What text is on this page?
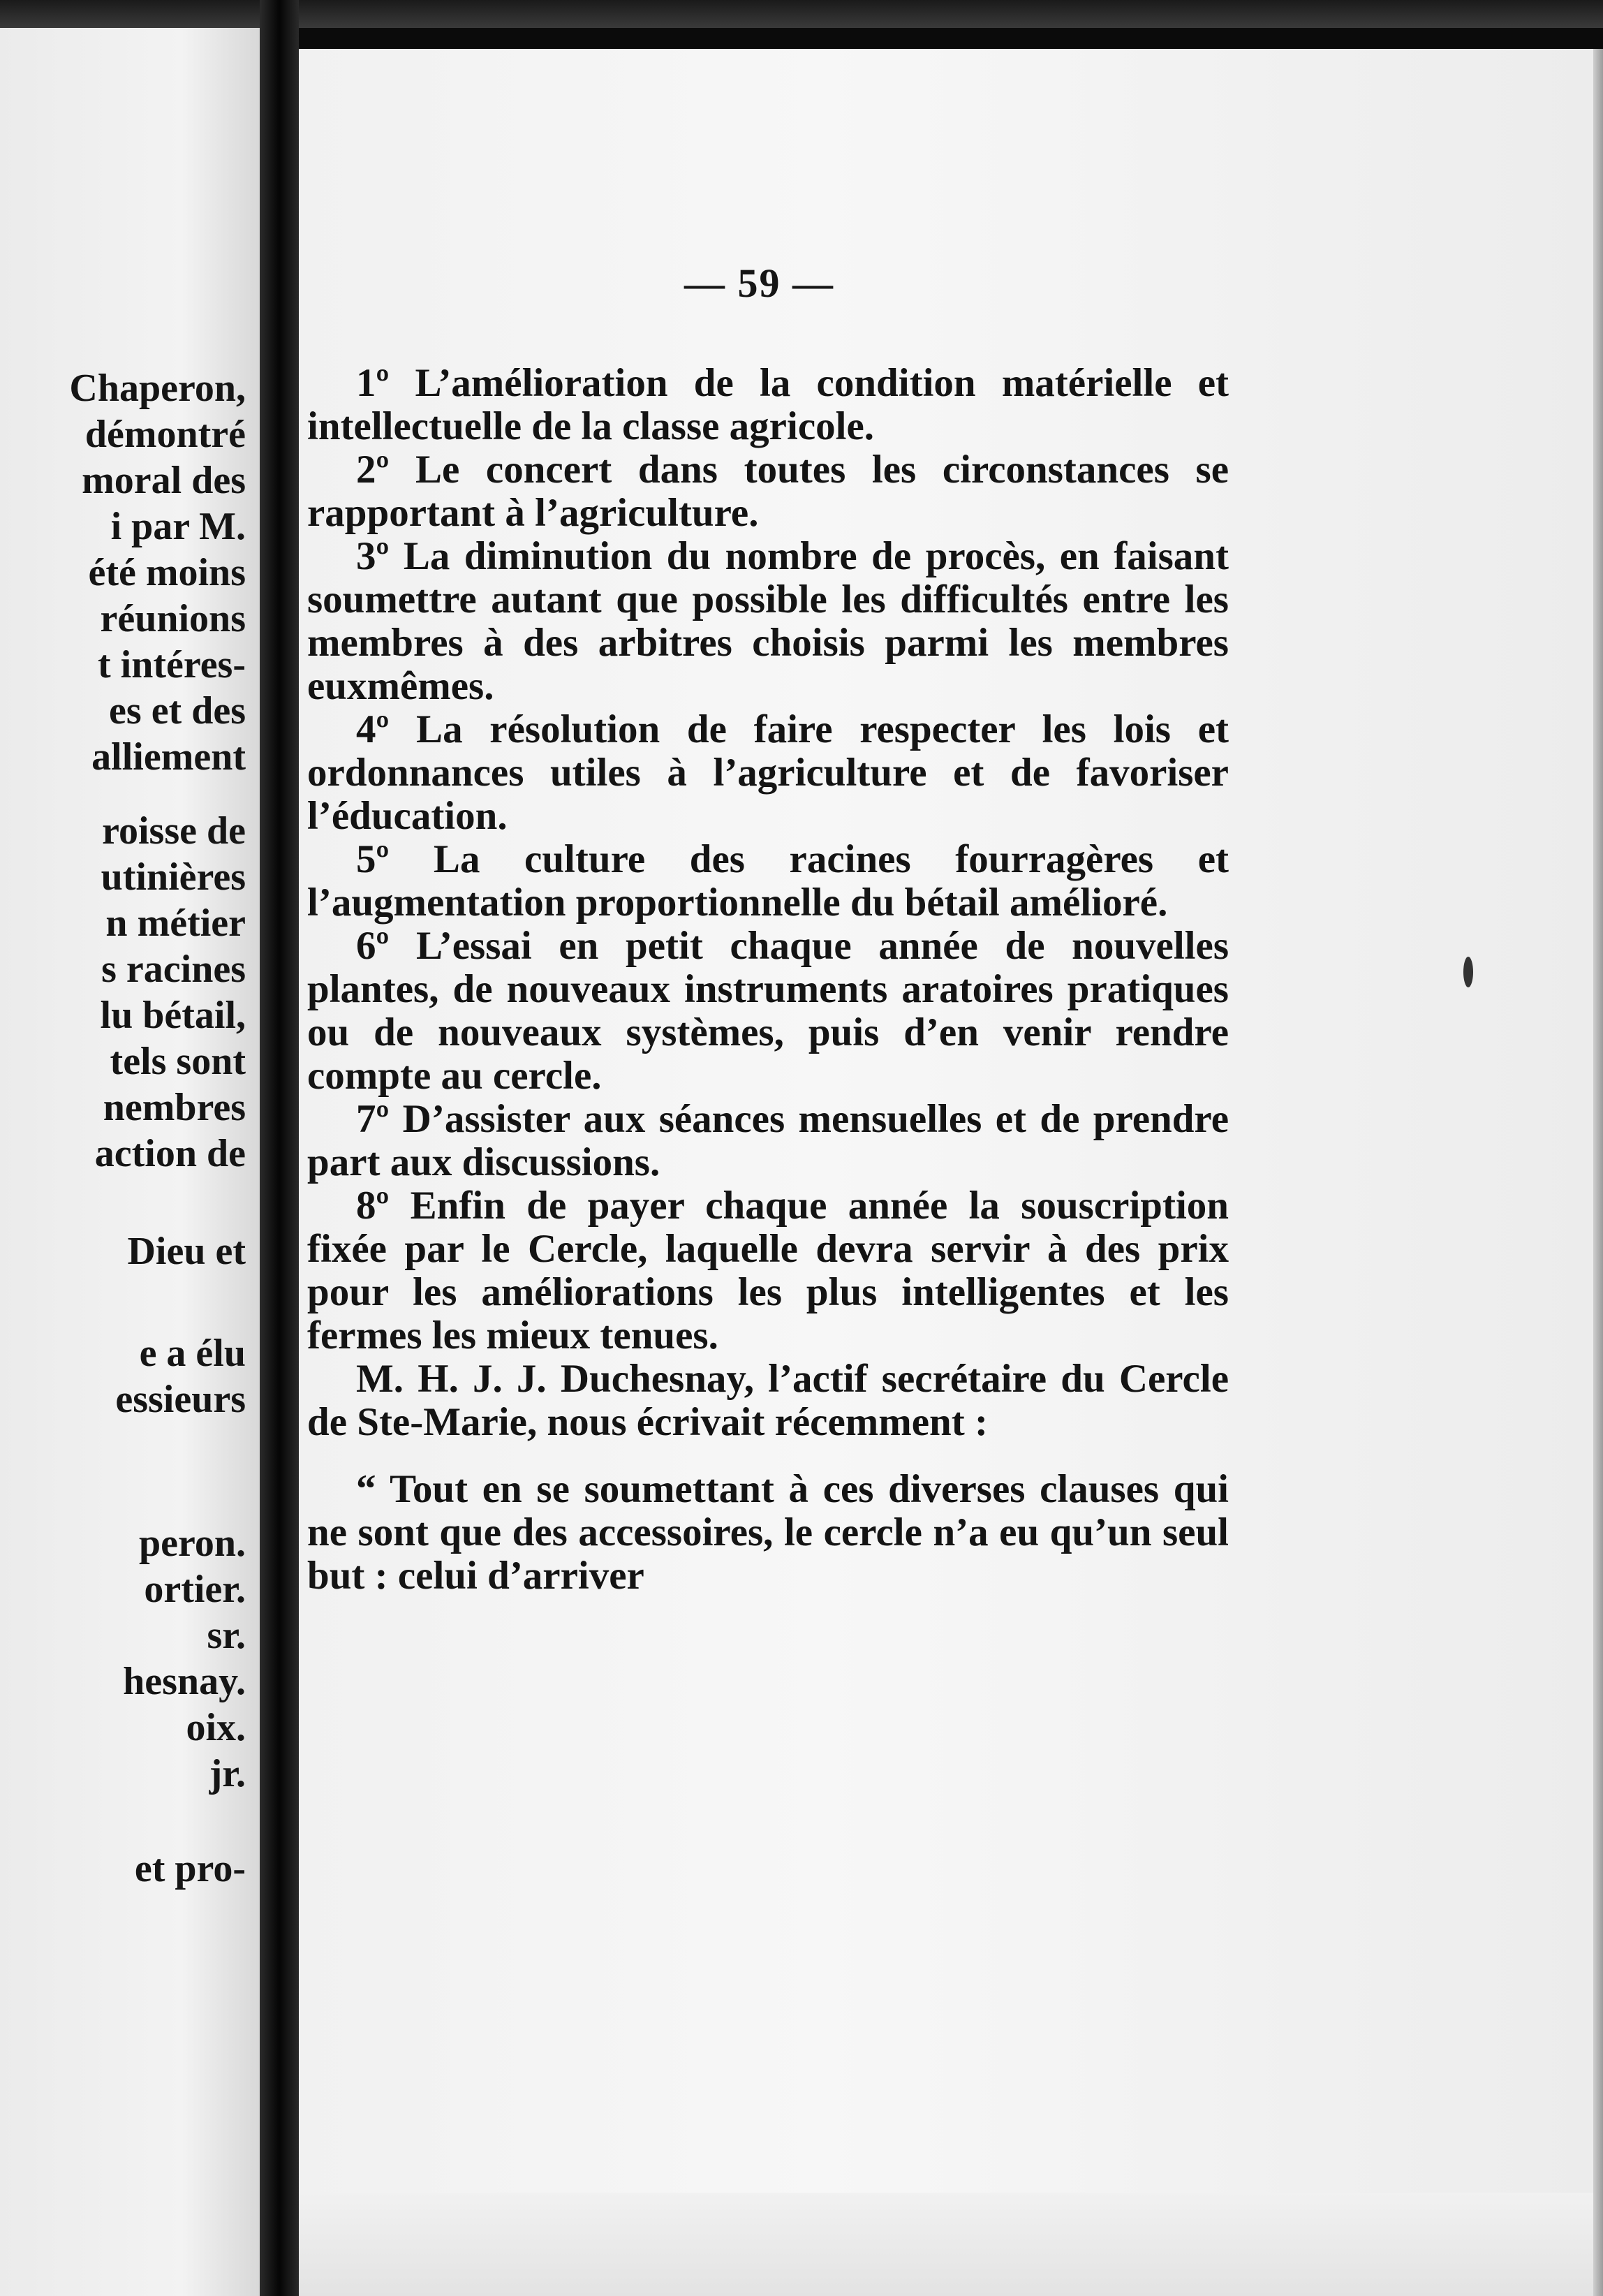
Chaperon,

démontré

moral des

i par M.

été moins

réunions

t intéres-

es et des

alliement

roisse de

utinières

n métier

s racines

lu bétail,

tels sont

nembres

action de

Dieu et

e a élu

essieurs

peron.

ortier.

sr.

hesnay.

oix.

jr.

et pro-

— 59 —

1º L’amélioration de la condition matérielle et intellectuelle de la classe agricole.

2º Le concert dans toutes les circonstances se rapportant à l’agriculture.

3º La diminution du nombre de procès, en faisant soumettre autant que possible les difficultés entre les membres à des arbitres choisis parmi les membres euxmêmes.

4º La résolution de faire respecter les lois et ordonnances utiles à l’agriculture et de favoriser l’éducation.

5º La culture des racines fourragères et l’augmentation proportionnelle du bétail amélioré.

6º L’essai en petit chaque année de nouvelles plantes, de nouveaux instruments aratoires pratiques ou de nouveaux systèmes, puis d’en venir rendre compte au cercle.

7º D’assister aux séances mensuelles et de prendre part aux discussions.

8º Enfin de payer chaque année la souscription fixée par le Cercle, laquelle devra servir à des prix pour les améliorations les plus intelligentes et les fermes les mieux tenues.

M. H. J. J. Duchesnay, l’actif secrétaire du Cercle de Ste-Marie, nous écrivait récemment :

“ Tout en se soumettant à ces diverses clauses qui ne sont que des accessoires, le cercle n’a eu qu’un seul but : celui d’arriver
